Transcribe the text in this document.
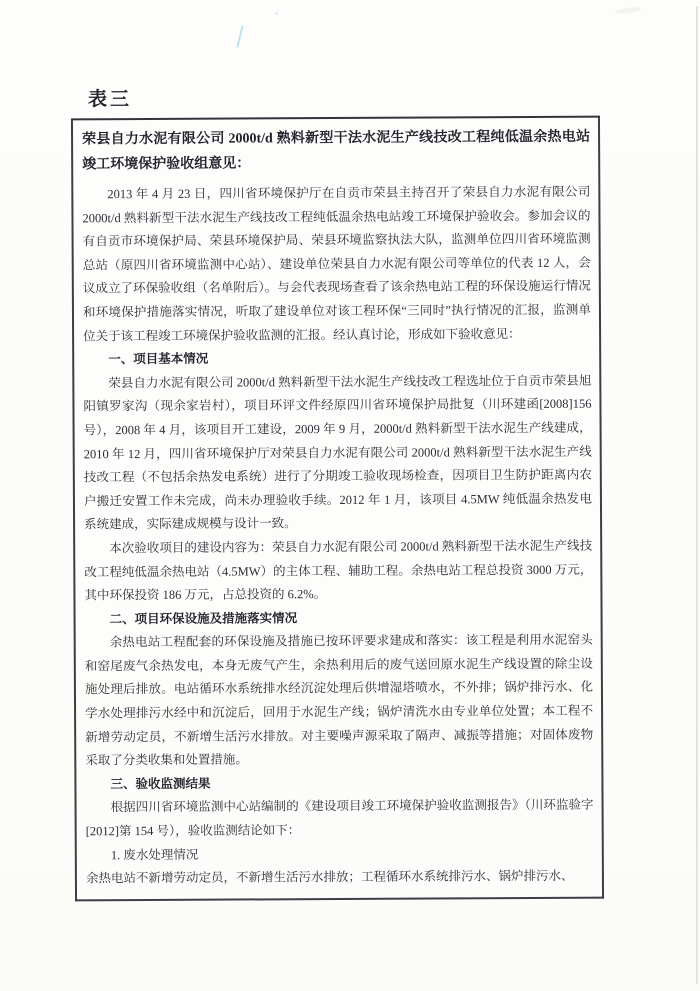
表三
荣县自力水泥有限公司 2000t/d 熟料新型干法水泥生产线技改工程纯低温余热电站竣工环境保护验收组意见：

2013 年 4 月 23 日，四川省环境保护厅在自贡市荣县主持召开了荣县自力水泥有限公司 2000t/d 熟料新型干法水泥生产线技改工程纯低温余热电站竣工环境保护验收会。参加会议的有自贡市环境保护局、荣县环境保护局、荣县环境监察执法大队，监测单位四川省环境监测总站（原四川省环境监测中心站）、建设单位荣县自力水泥有限公司等单位的代表 12 人，会议成立了环保验收组（名单附后）。与会代表现场查看了该余热电站工程的环保设施运行情况和环境保护措施落实情况，听取了建设单位对该工程环保“三同时”执行情况的汇报，监测单位关于该工程竣工环境保护验收监测的汇报。经认真讨论，形成如下验收意见：

一、项目基本情况

荣县自力水泥有限公司 2000t/d 熟料新型干法水泥生产线技改工程选址位于自贡市荣县旭阳镇罗家沟（现余家岩村），项目环评文件经原四川省环境保护局批复（川环建函[2008]156 号），2008 年 4 月，该项目开工建设，2009 年 9 月，2000t/d 熟料新型干法水泥生产线建成，2010 年 12 月，四川省环境保护厅对荣县自力水泥有限公司 2000t/d 熟料新型干法水泥生产线技改工程（不包括余热发电系统）进行了分期竣工验收现场检查，因项目卫生防护距离内农户搬迁安置工作未完成，尚未办理验收手续。2012 年 1 月，该项目 4.5MW 纯低温余热发电系统建成，实际建成规模与设计一致。

本次验收项目的建设内容为：荣县自力水泥有限公司 2000t/d 熟料新型干法水泥生产线技改工程纯低温余热电站（4.5MW）的主体工程、辅助工程。余热电站工程总投资 3000 万元，其中环保投资 186 万元，占总投资的 6.2%。

二、项目环保设施及措施落实情况

余热电站工程配套的环保设施及措施已按环评要求建成和落实：该工程是利用水泥窑头和窑尾废气余热发电，本身无废气产生，余热利用后的废气送回原水泥生产线设置的除尘设施处理后排放。电站循环水系统排水经沉淀处理后供增湿塔喷水，不外排；锅炉排污水、化学水处理排污水经中和沉淀后，回用于水泥生产线；锅炉清洗水由专业单位处置；本工程不新增劳动定员，不新增生活污水排放。对主要噪声源采取了隔声、减振等措施；对固体废物采取了分类收集和处置措施。

三、验收监测结果

根据四川省环境监测中心站编制的《建设项目竣工环境保护验收监测报告》（川环监验字[2012]第 154 号），验收监测结论如下：

1. 废水处理情况

余热电站不新增劳动定员，不新增生活污水排放；工程循环水系统排污水、锅炉排污水、
